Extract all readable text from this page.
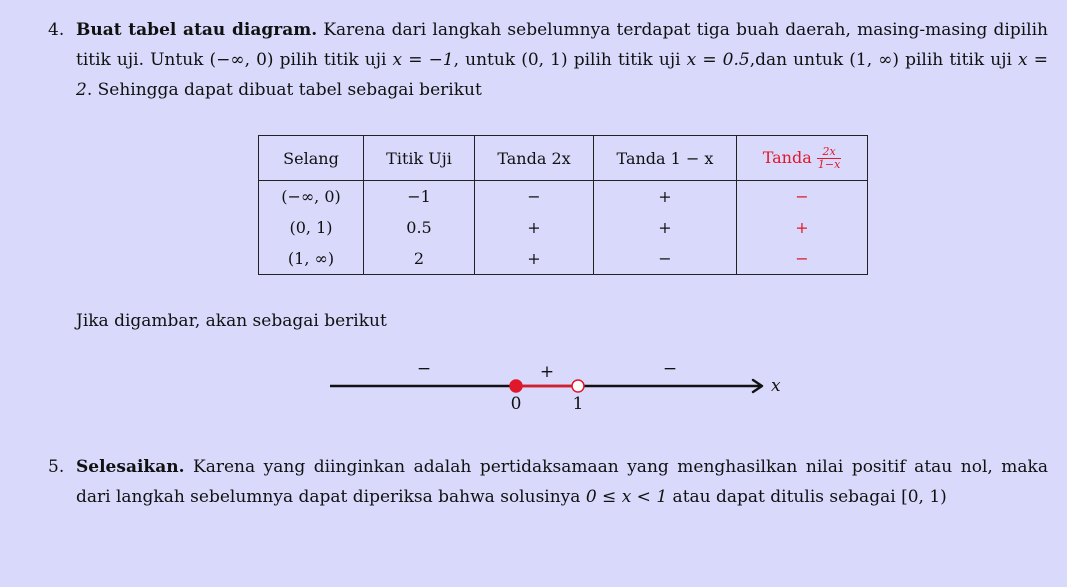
4. Buat tabel atau diagram. Karena dari langkah sebelumnya terdapat tiga buah daerah, masing-masing dipilih titik uji. Untuk (−∞, 0) pilih titik uji x = −1, untuk (0, 1) pilih titik uji x = 0.5,dan untuk (1, ∞) pilih titik uji x = 2. Sehingga dapat dibuat tabel sebagai berikut
Selang	Titik Uji	Tanda 2x	Tanda 1 − x	Tanda $\frac{2x}{1-x}$

(−∞, 0)	−1	−	+	−
(0, 1)	0.5	+	+	+
(1, ∞)	2	+	−	−
Jika digambar, akan sebagai berikut
−	+	−
0	1
x
5. Selesaikan. Karena yang diinginkan adalah pertidaksamaan yang menghasilkan nilai positif atau nol, maka dari langkah sebelumnya dapat diperiksa bahwa solusinya 0 ≤ x < 1 atau dapat ditulis sebagai [0, 1)
